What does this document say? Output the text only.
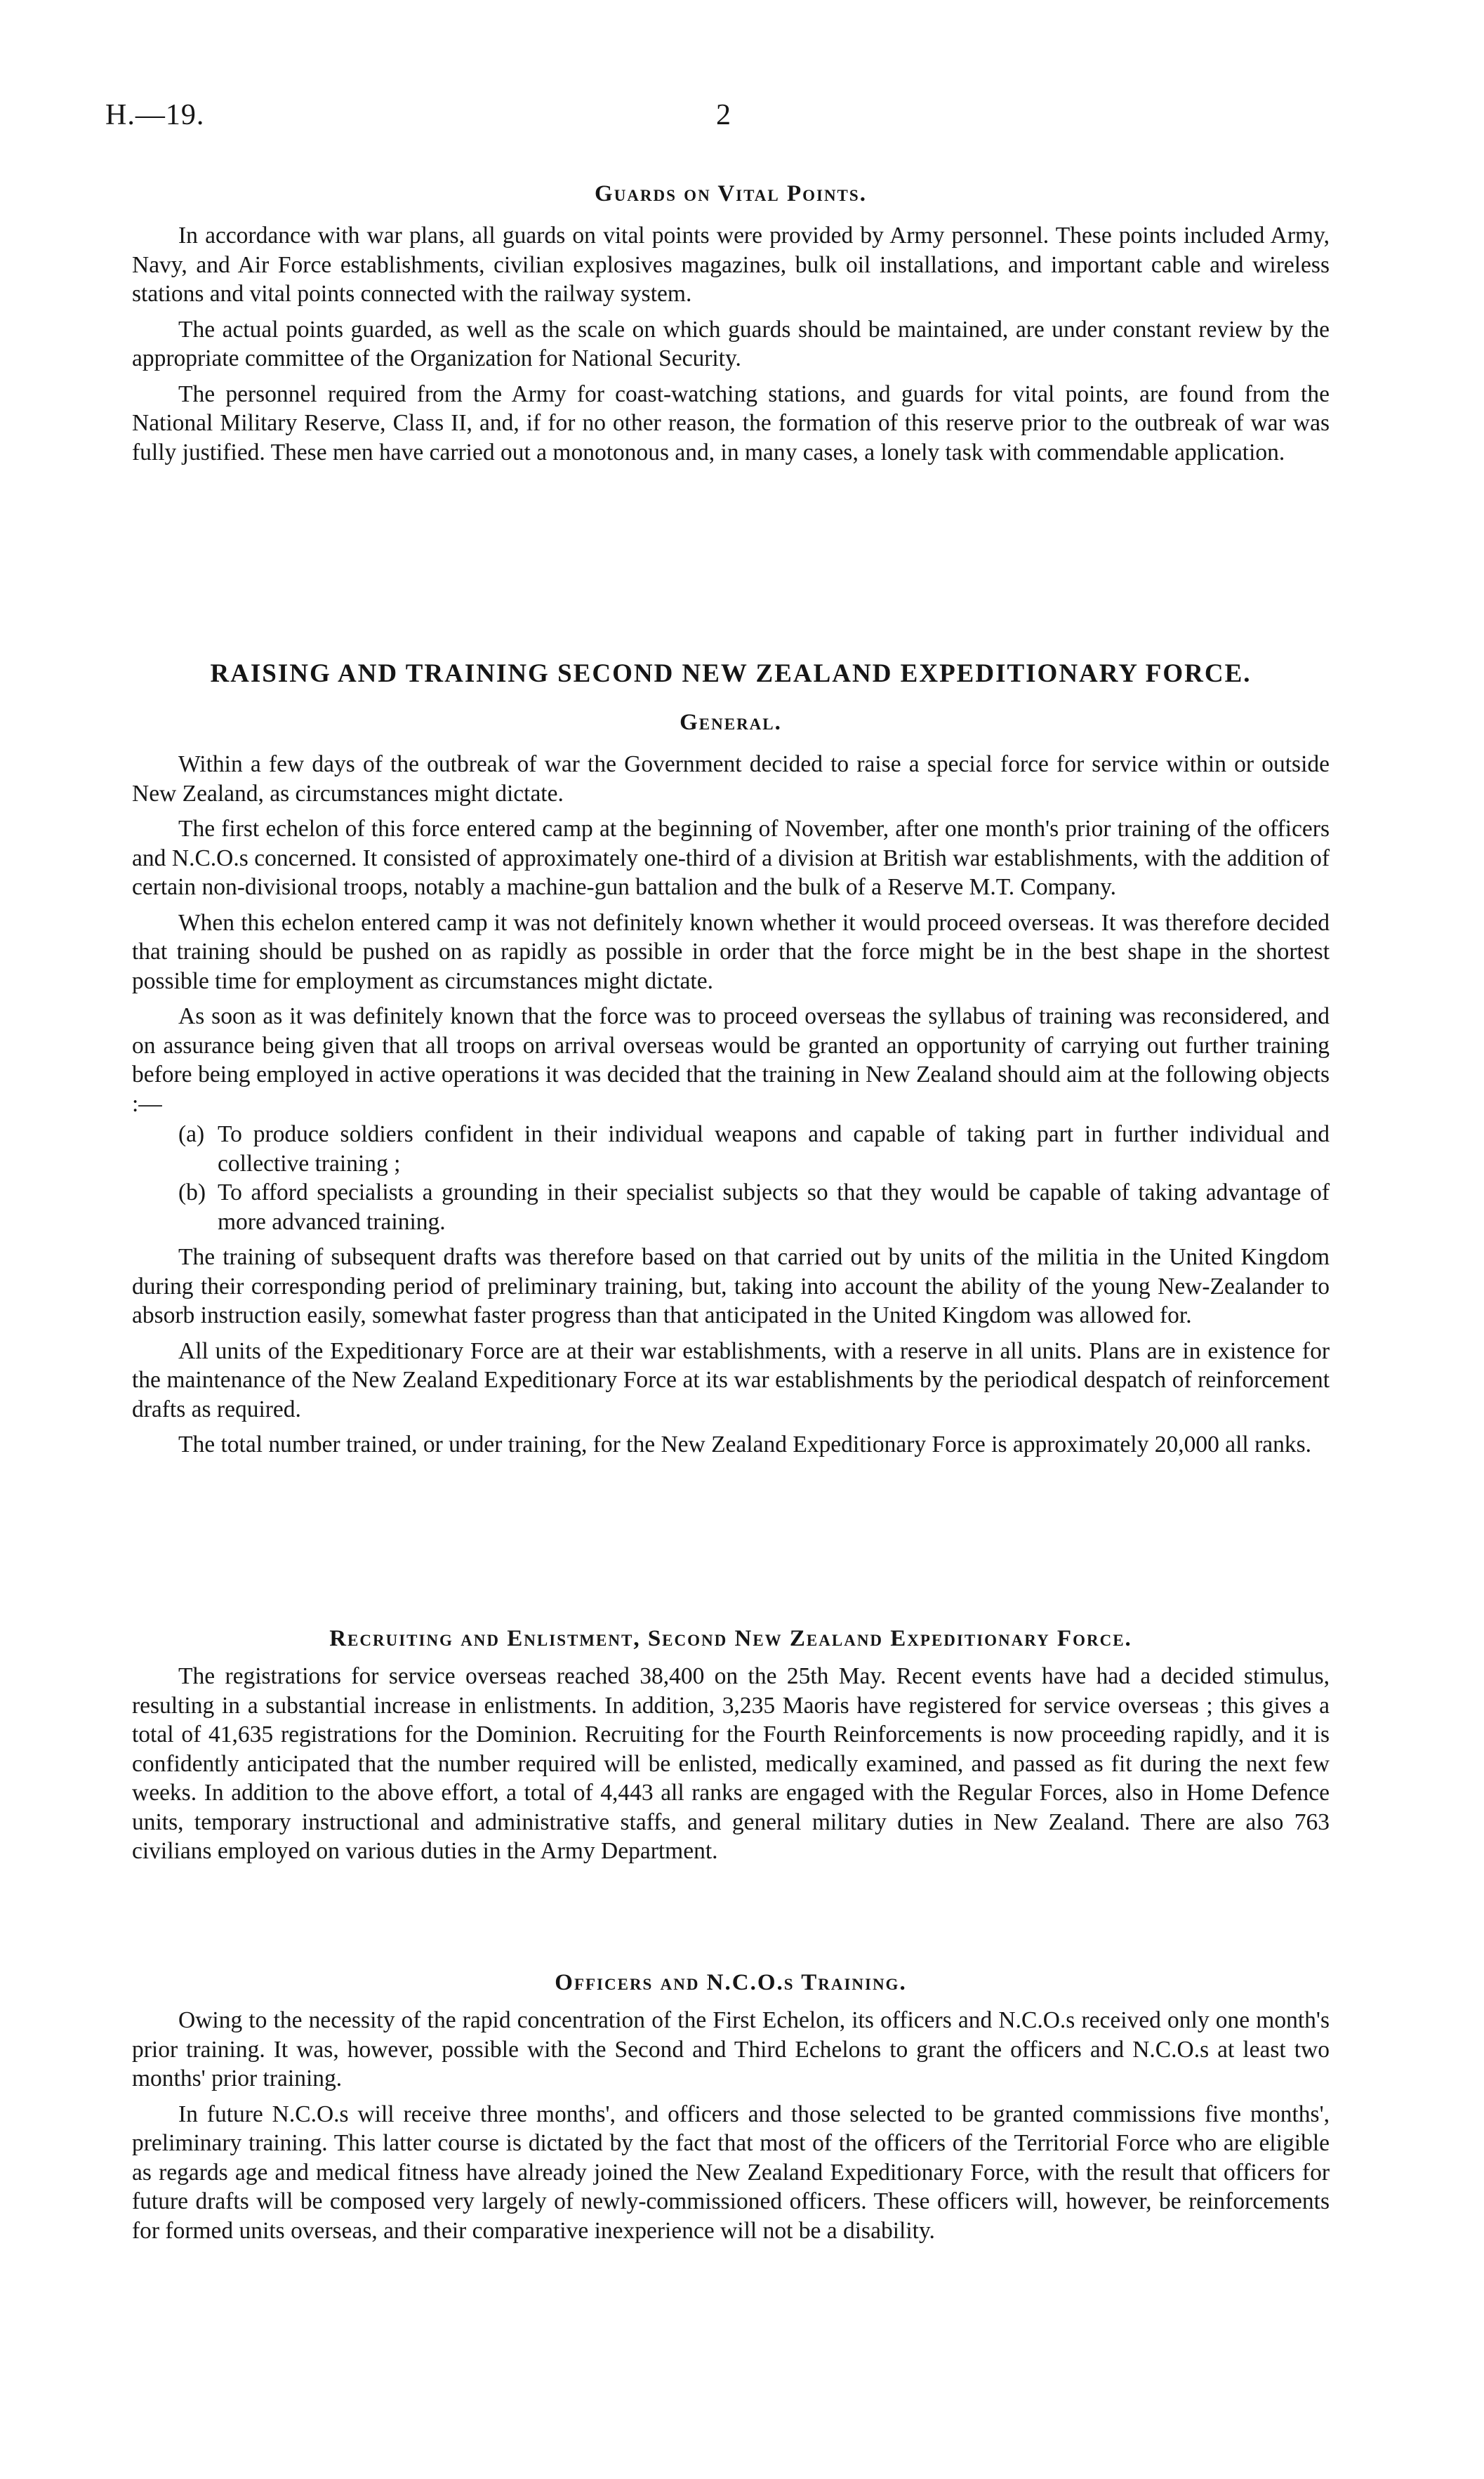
H.—19.	2
Guards on Vital Points.

In accordance with war plans, all guards on vital points were provided by Army personnel. These points included Army, Navy, and Air Force establishments, civilian explosives magazines, bulk oil installations, and important cable and wireless stations and vital points connected with the railway system.

The actual points guarded, as well as the scale on which guards should be maintained, are under constant review by the appropriate committee of the Organization for National Security.

The personnel required from the Army for coast-watching stations, and guards for vital points, are found from the National Military Reserve, Class II, and, if for no other reason, the formation of this reserve prior to the outbreak of war was fully justified. These men have carried out a monotonous and, in many cases, a lonely task with commendable application.

RAISING AND TRAINING SECOND NEW ZEALAND EXPEDITIONARY FORCE.
General.

Within a few days of the outbreak of war the Government decided to raise a special force for service within or outside New Zealand, as circumstances might dictate.

The first echelon of this force entered camp at the beginning of November, after one month's prior training of the officers and N.C.O.s concerned. It consisted of approximately one-third of a division at British war establishments, with the addition of certain non-divisional troops, notably a machine-gun battalion and the bulk of a Reserve M.T. Company.

When this echelon entered camp it was not definitely known whether it would proceed overseas. It was therefore decided that training should be pushed on as rapidly as possible in order that the force might be in the best shape in the shortest possible time for employment as circumstances might dictate.

As soon as it was definitely known that the force was to proceed overseas the syllabus of training was reconsidered, and on assurance being given that all troops on arrival overseas would be granted an opportunity of carrying out further training before being employed in active operations it was decided that the training in New Zealand should aim at the following objects :—

(a) To produce soldiers confident in their individual weapons and capable of taking part in further individual and collective training ;
(b) To afford specialists a grounding in their specialist subjects so that they would be capable of taking advantage of more advanced training.

The training of subsequent drafts was therefore based on that carried out by units of the militia in the United Kingdom during their corresponding period of preliminary training, but, taking into account the ability of the young New-Zealander to absorb instruction easily, somewhat faster progress than that anticipated in the United Kingdom was allowed for.

All units of the Expeditionary Force are at their war establishments, with a reserve in all units. Plans are in existence for the maintenance of the New Zealand Expeditionary Force at its war establishments by the periodical despatch of reinforcement drafts as required.

The total number trained, or under training, for the New Zealand Expeditionary Force is approximately 20,000 all ranks.

Recruiting and Enlistment, Second New Zealand Expeditionary Force.

The registrations for service overseas reached 38,400 on the 25th May. Recent events have had a decided stimulus, resulting in a substantial increase in enlistments. In addition, 3,235 Maoris have registered for service overseas ; this gives a total of 41,635 registrations for the Dominion. Recruiting for the Fourth Reinforcements is now proceeding rapidly, and it is confidently anticipated that the number required will be enlisted, medically examined, and passed as fit during the next few weeks. In addition to the above effort, a total of 4,443 all ranks are engaged with the Regular Forces, also in Home Defence units, temporary instructional and administrative staffs, and general military duties in New Zealand. There are also 763 civilians employed on various duties in the Army Department.

Officers and N.C.O.s Training.

Owing to the necessity of the rapid concentration of the First Echelon, its officers and N.C.O.s received only one month's prior training. It was, however, possible with the Second and Third Echelons to grant the officers and N.C.O.s at least two months' prior training.

In future N.C.O.s will receive three months', and officers and those selected to be granted commissions five months', preliminary training. This latter course is dictated by the fact that most of the officers of the Territorial Force who are eligible as regards age and medical fitness have already joined the New Zealand Expeditionary Force, with the result that officers for future drafts will be composed very largely of newly-commissioned officers. These officers will, however, be reinforcements for formed units overseas, and their comparative inexperience will not be a disability.
